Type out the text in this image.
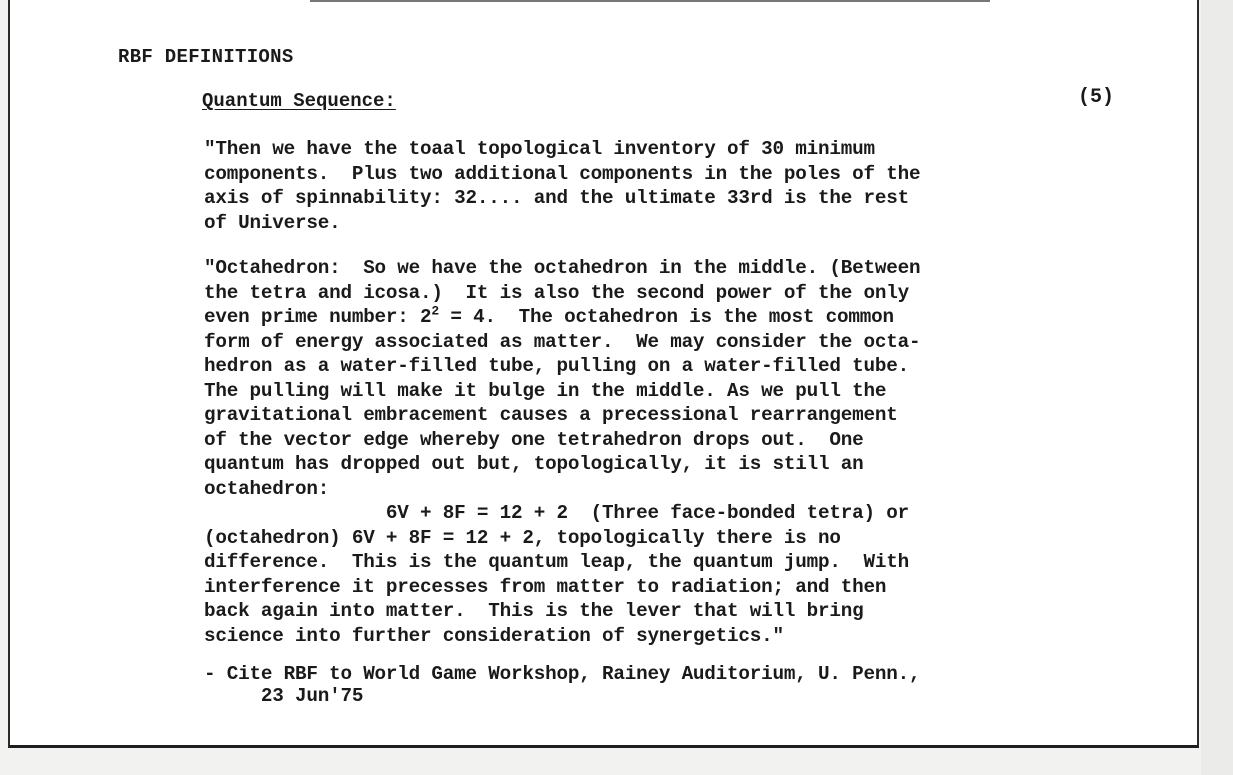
RBF DEFINITIONS
Quantum Sequence:	(5)
"Then we have the toaal topological inventory of 30 minimum
components.  Plus two additional components in the poles of the
axis of spinnability: 32.... and the ultimate 33rd is the rest
of Universe.
"Octahedron:  So we have the octahedron in the middle. (Between
the tetra and icosa.)  It is also the second power of the only
even prime number: $2^2 = 4$.  The octahedron is the most common
form of energy associated as matter.  We may consider the octa-
hedron as a water-filled tube, pulling on a water-filled tube.
The pulling will make it bulge in the middle. As we pull the
gravitational embracement causes a precessional rearrangement
of the vector edge whereby one tetrahedron drops out.  One
quantum has dropped out but, topologically, it is still an
octahedron:
6V + 8F = 12 + 2  (Three face-bonded tetra) or
(octahedron) 6V + 8F = 12 + 2, topologically there is no
difference.  This is the quantum leap, the quantum jump.  With
interference it precesses from matter to radiation; and then
back again into matter.  This is the lever that will bring
science into further consideration of synergetics."
- Cite RBF to World Game Workshop, Rainey Auditorium, U. Penn.,
23 Jun'75
